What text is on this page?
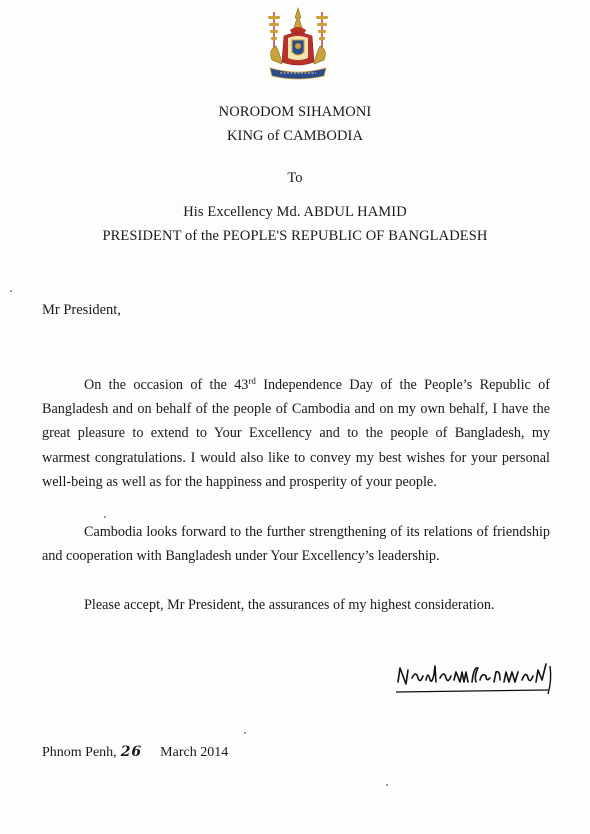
NORODOM SIHAMONI
KING of CAMBODIA
To
His Excellency Md. ABDUL HAMID
PRESIDENT of the PEOPLE'S REPUBLIC OF BANGLADESH
Mr President,

On the occasion of the 43rd Independence Day of the People’s Republic of Bangladesh and on behalf of the people of Cambodia and on my own behalf, I have the great pleasure to extend to Your Excellency and to the people of Bangladesh, my warmest congratulations. I would also like to convey my best wishes for your personal well-being as well as for the happiness and prosperity of your people.

Cambodia looks forward to the further strengthening of its relations of friendship and cooperation with Bangladesh under Your Excellency’s leadership.

Please accept, Mr President, the assurances of my highest consideration.

Phnom Penh, 26 March 2014
